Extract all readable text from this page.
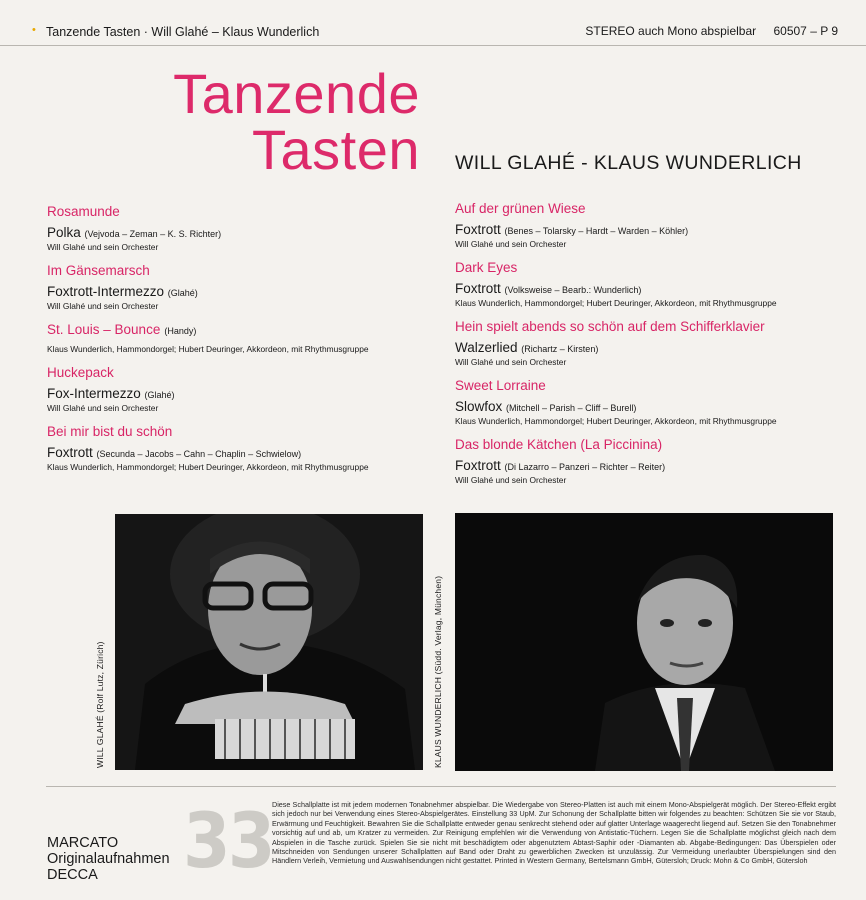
• Tanzende Tasten · Will Glahé – Klaus Wunderlich	STEREO auch Mono abspielbar 60507 – P 9
Tanzende
Tasten WILL GLAHÉ - KLAUS WUNDERLICH
Rosamunde
Polka (Vejvoda – Zeman – K. S. Richter)
Will Glahé und sein Orchester
Im Gänsemarsch
Foxtrott-Intermezzo (Glahé)
Will Glahé und sein Orchester
St. Louis – Bounce (Handy)
Klaus Wunderlich, Hammondorgel; Hubert Deuringer, Akkordeon, mit Rhythmusgruppe
Huckepack
Fox-Intermezzo (Glahé)
Will Glahé und sein Orchester
Bei mir bist du schön
Foxtrott (Secunda – Jacobs – Cahn – Chaplin – Schwielow)
Klaus Wunderlich, Hammondorgel; Hubert Deuringer, Akkordeon, mit Rhythmusgruppe
Auf der grünen Wiese
Foxtrott (Benes – Tolarsky – Hardt – Warden – Köhler)
Will Glahé und sein Orchester
Dark Eyes
Foxtrott (Volksweise – Bearb.: Wunderlich)
Klaus Wunderlich, Hammondorgel; Hubert Deuringer, Akkordeon, mit Rhythmusgruppe
Hein spielt abends so schön auf dem Schifferklavier
Walzerlied (Richartz – Kirsten)
Will Glahé und sein Orchester
Sweet Lorraine
Slowfox (Mitchell – Parish – Cliff – Burell)
Klaus Wunderlich, Hammondorgel; Hubert Deuringer, Akkordeon, mit Rhythmusgruppe
Das blonde Kätchen (La Piccinina)
Foxtrott (Di Lazarro – Panzeri – Richter – Reiter)
Will Glahé und sein Orchester
WILL GLAHÉ (Rolf Lutz, Zürich)	KLAUS WUNDERLICH (Südd. Verlag, München)
MARCATO
Originalaufnahmen
DECCA	33 Diese Schallplatte ist mit jedem modernen Tonabnehmer abspielbar. Die Wiedergabe von Stereo-Platten ist auch mit einem Mono-Abspielgerät möglich. Der Stereo-Effekt ergibt sich jedoch nur bei Verwendung eines Stereo-Abspielgerätes. Einstellung 33 UpM. Zur Schonung der Schallplatte bitten wir folgendes zu beachten: Schützen Sie sie vor Staub, Erwärmung und Feuchtigkeit. Bewahren Sie die Schallplatte entweder genau senkrecht stehend oder auf glatter Unterlage waagerecht liegend auf. Setzen Sie den Tonabnehmer vorsichtig auf und ab, um Kratzer zu vermeiden. Zur Reinigung empfehlen wir die Verwendung von Antistatic-Tüchern. Legen Sie die Schallplatte möglichst gleich nach dem Abspielen in die Tasche zurück. Spielen Sie sie nicht mit beschädigtem oder abgenutztem Abtast-Saphir oder -Diamanten ab. Abgabe-Bedingungen: Das Überspielen oder Mitschneiden von Sendungen unserer Schallplatten auf Band oder Draht zu gewerblichen Zwecken ist unzulässig. Zur Vermeidung unerlaubter Überspielungen sind den Händlern Verleih, Vermietung und Auswahlsendungen nicht gestattet. Printed in Western Germany, Bertelsmann GmbH, Gütersloh; Druck: Mohn & Co GmbH, Gütersloh
